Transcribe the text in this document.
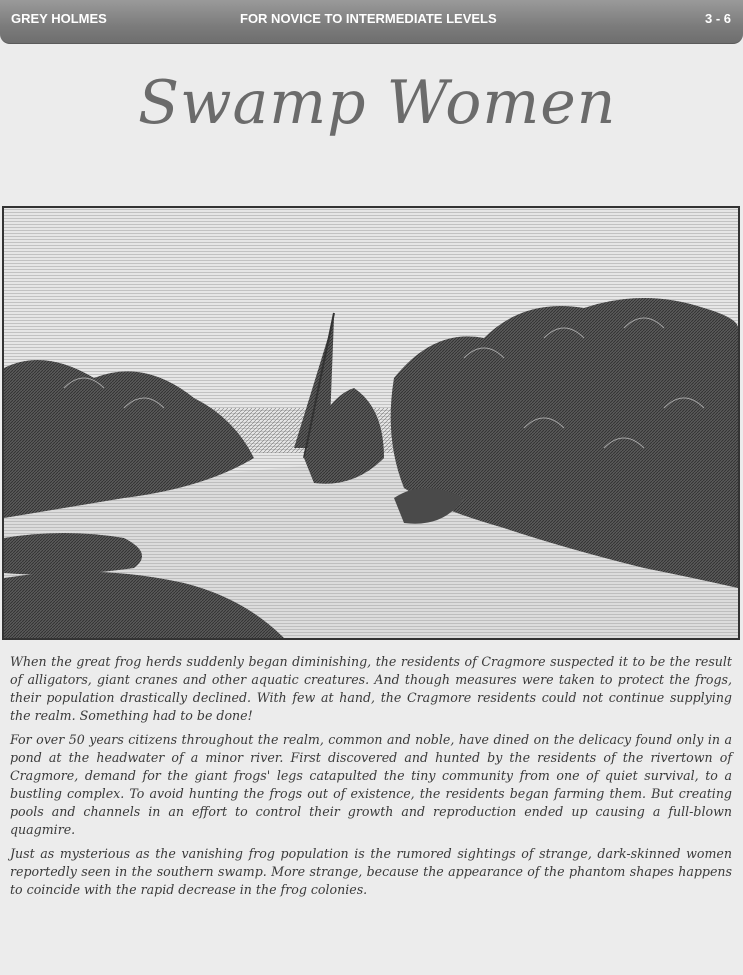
GREY HOLMES	FOR NOVICE TO INTERMEDIATE LEVELS	3 - 6
Swamp Women

When the great frog herds suddenly began diminishing, the residents of Cragmore suspected it to be the result of alligators, giant cranes and other aquatic creatures. And though measures were taken to protect the frogs, their population drastically declined. With few at hand, the Cragmore residents could not continue supplying the realm. Something had to be done!

For over 50 years citizens throughout the realm, common and noble, have dined on the delicacy found only in a pond at the headwater of a minor river. First discovered and hunted by the residents of the rivertown of Cragmore, demand for the giant frogs' legs catapulted the tiny community from one of quiet survival, to a bustling complex. To avoid hunting the frogs out of existence, the residents began farming them. But creating pools and channels in an effort to control their growth and reproduction ended up causing a full-blown quagmire.

Just as mysterious as the vanishing frog population is the rumored sightings of strange, dark-skinned women reportedly seen in the southern swamp. More strange, because the appearance of the phantom shapes happens to coincide with the rapid decrease in the frog colonies.
